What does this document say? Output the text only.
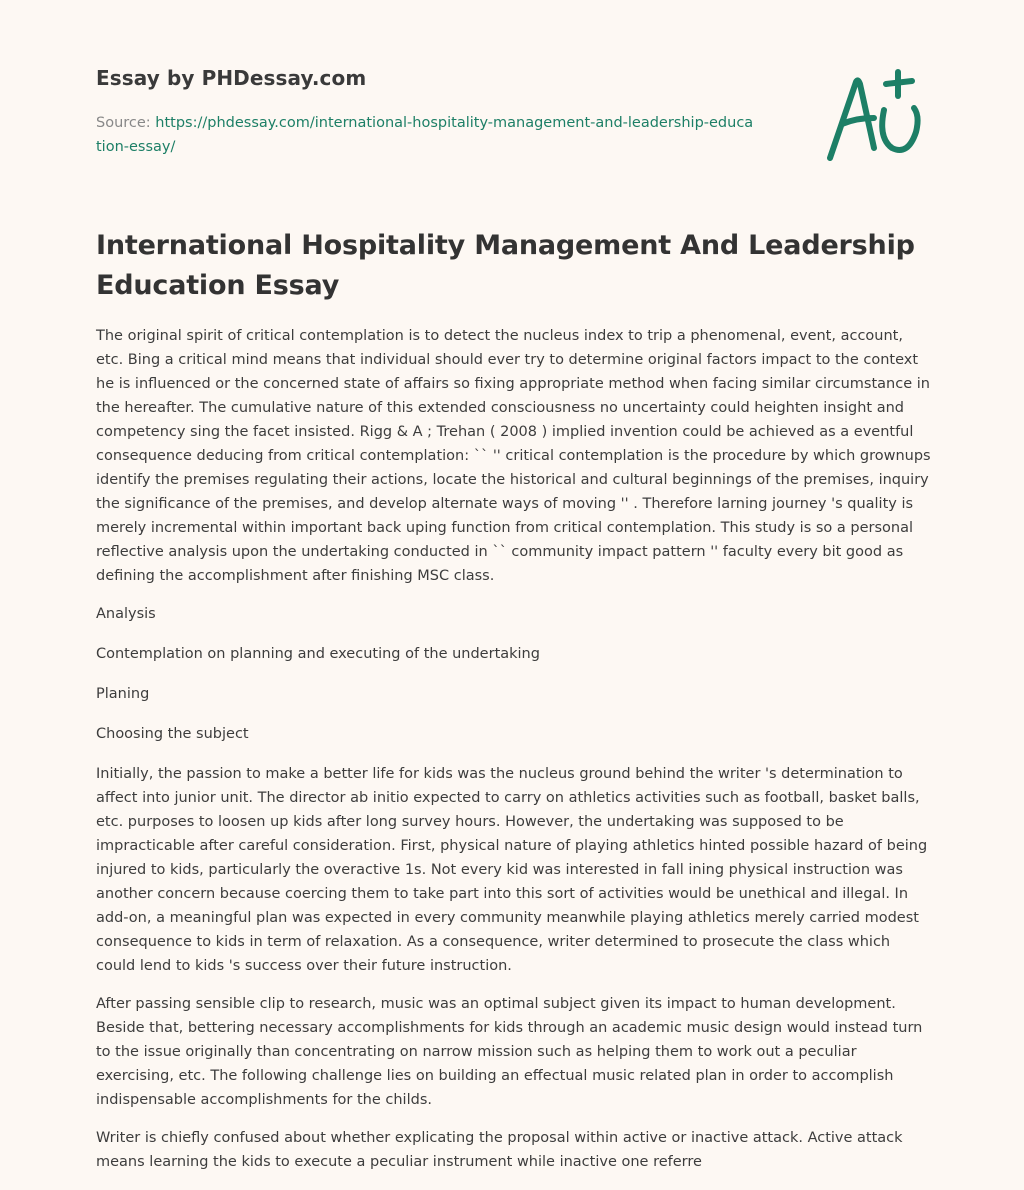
Essay by PHDessay.com
Source: https://phdessay.com/international-hospitality-management-and-leadership-education-essay/
International Hospitality Management And Leadership Education Essay

The original spirit of critical contemplation is to detect the nucleus index to trip a phenomenal, event, account, etc. Bing a critical mind means that individual should ever try to determine original factors impact to the context he is influenced or the concerned state of affairs so fixing appropriate method when facing similar circumstance in the hereafter. The cumulative nature of this extended consciousness no uncertainty could heighten insight and competency sing the facet insisted. Rigg & A ; Trehan ( 2008 ) implied invention could be achieved as a eventful consequence deducing from critical contemplation: `` '' critical contemplation is the procedure by which grownups identify the premises regulating their actions, locate the historical and cultural beginnings of the premises, inquiry the significance of the premises, and develop alternate ways of moving '' . Therefore larning journey 's quality is merely incremental within important back uping function from critical contemplation. This study is so a personal reflective analysis upon the undertaking conducted in `` community impact pattern '' faculty every bit good as defining the accomplishment after finishing MSC class.

Analysis

Contemplation on planning and executing of the undertaking

Planing

Choosing the subject

Initially, the passion to make a better life for kids was the nucleus ground behind the writer 's determination to affect into junior unit. The director ab initio expected to carry on athletics activities such as football, basket balls, etc. purposes to loosen up kids after long survey hours. However, the undertaking was supposed to be impracticable after careful consideration. First, physical nature of playing athletics hinted possible hazard of being injured to kids, particularly the overactive 1s. Not every kid was interested in fall ining physical instruction was another concern because coercing them to take part into this sort of activities would be unethical and illegal. In add-on, a meaningful plan was expected in every community meanwhile playing athletics merely carried modest consequence to kids in term of relaxation. As a consequence, writer determined to prosecute the class which could lend to kids 's success over their future instruction.

After passing sensible clip to research, music was an optimal subject given its impact to human development. Beside that, bettering necessary accomplishments for kids through an academic music design would instead turn to the issue originally than concentrating on narrow mission such as helping them to work out a peculiar exercising, etc. The following challenge lies on building an effectual music related plan in order to accomplish indispensable accomplishments for the childs.

Writer is chiefly confused about whether explicating the proposal within active or inactive attack. Active attack means learning the kids to execute a peculiar instrument while inactive one referre
